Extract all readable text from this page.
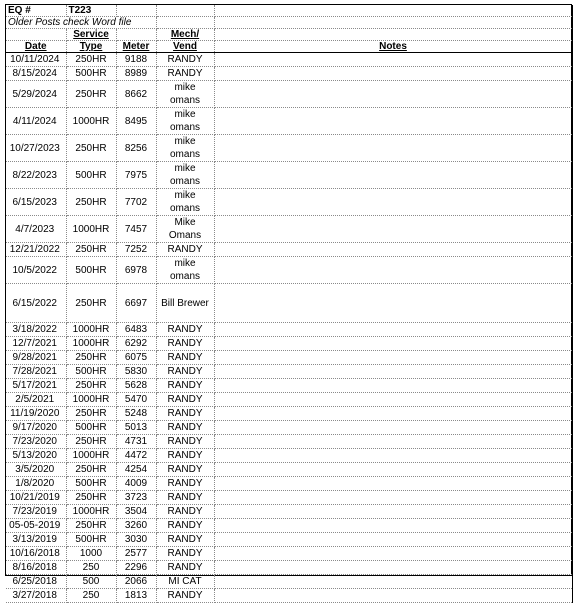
EQ #	T223			
Older Posts check Word file				
	Service		Mech/	
Date	Type	Meter	Vend	Notes
10/11/2024	250HR	9188	RANDY	
8/15/2024	500HR	8989	RANDY	
5/29/2024	250HR	8662	mike
omans	
4/11/2024	1000HR	8495	mike
omans	
10/27/2023	250HR	8256	mike
omans	
8/22/2023	500HR	7975	mike
omans	
6/15/2023	250HR	7702	mike
omans	
4/7/2023	1000HR	7457	Mike
Omans	
12/21/2022	250HR	7252	RANDY	
10/5/2022	500HR	6978	mike
omans	
6/15/2022	250HR	6697	Bill Brewer	
3/18/2022	1000HR	6483	RANDY	
12/7/2021	1000HR	6292	RANDY	
9/28/2021	250HR	6075	RANDY	
7/28/2021	500HR	5830	RANDY	
5/17/2021	250HR	5628	RANDY	
2/5/2021	1000HR	5470	RANDY	
11/19/2020	250HR	5248	RANDY	
9/17/2020	500HR	5013	RANDY	
7/23/2020	250HR	4731	RANDY	
5/13/2020	1000HR	4472	RANDY	
3/5/2020	250HR	4254	RANDY	
1/8/2020	500HR	4009	RANDY	
10/21/2019	250HR	3723	RANDY	
7/23/2019	1000HR	3504	RANDY	
05-05-2019	250HR	3260	RANDY	
3/13/2019	500HR	3030	RANDY	
10/16/2018	1000	2577	RANDY	
8/16/2018	250	2296	RANDY	
6/25/2018	500	2066	MI CAT	
3/27/2018	250	1813	RANDY	
